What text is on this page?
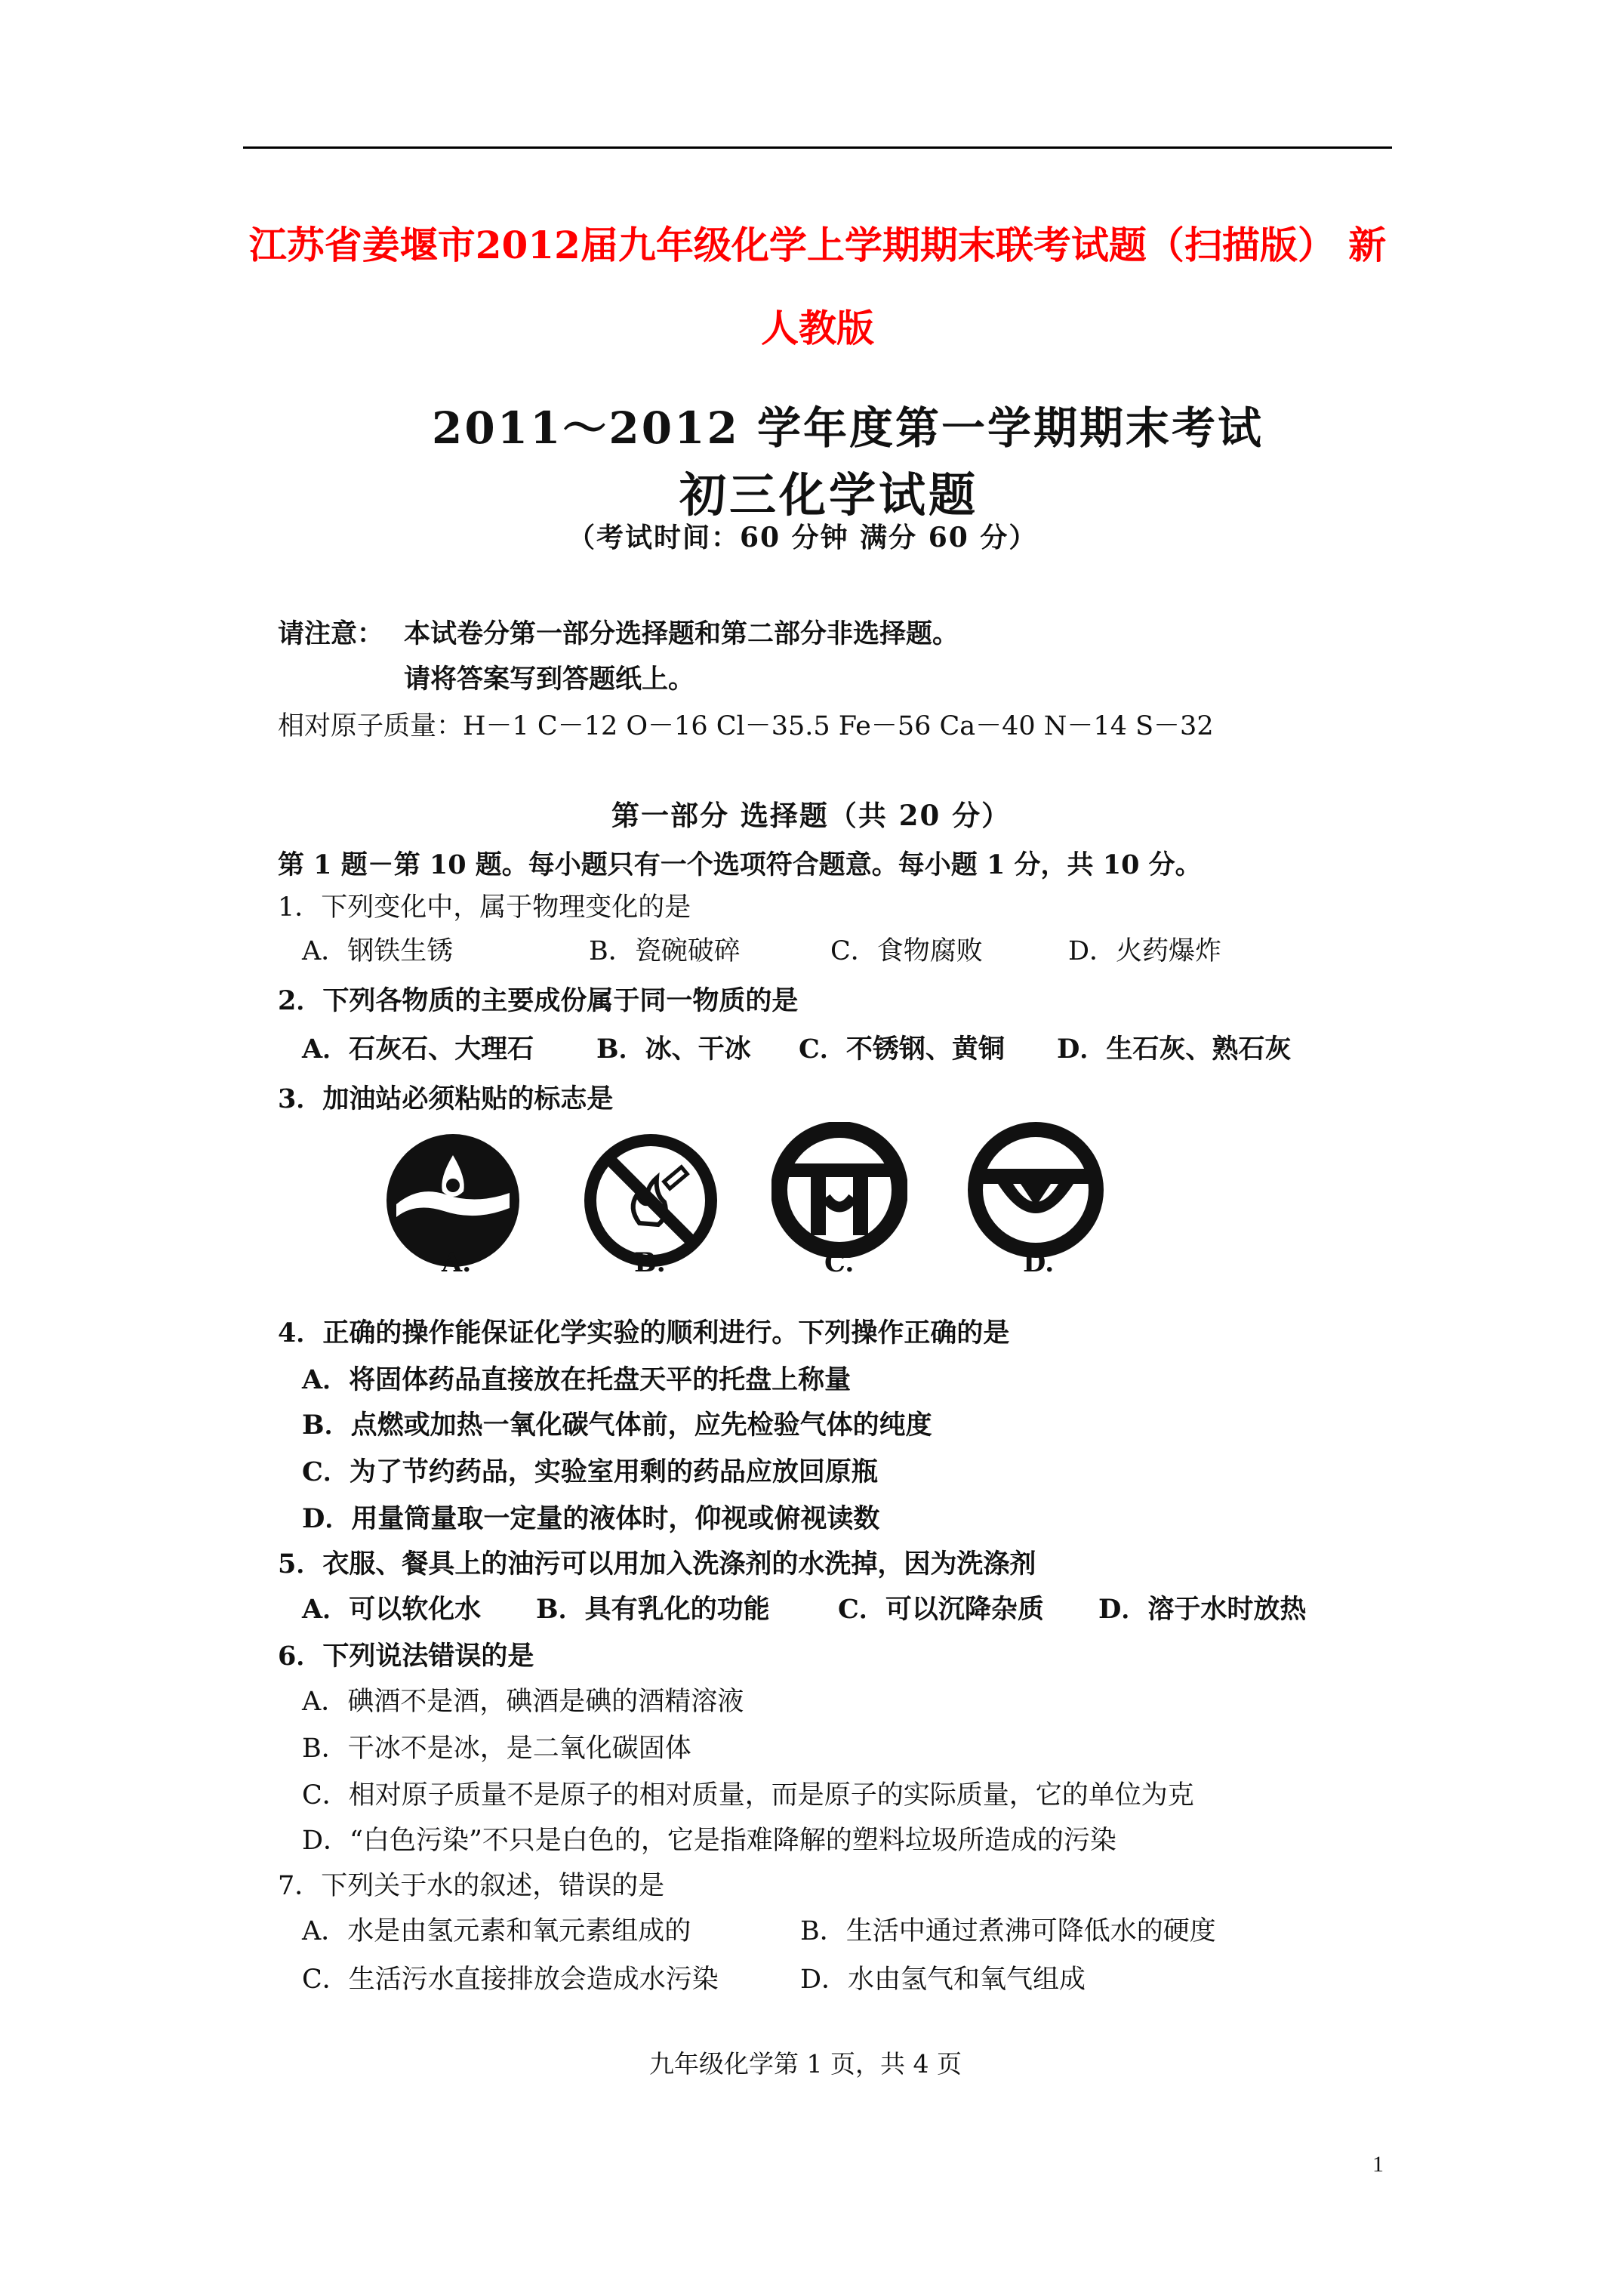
江苏省姜堰市2012届九年级化学上学期期末联考试题（扫描版） 新
人教版
2011～2012 学年度第一学期期末考试
初三化学试题
（考试时间：60 分钟 满分 60 分）
请注意： 本试卷分第一部分选择题和第二部分非选择题。
请将答案写到答题纸上。
相对原子质量：H－1 C－12 O－16 Cl－35.5 Fe－56 Ca－40 N－14 S－32
第一部分 选择题（共 20 分）
第 1 题－第 10 题。每小题只有一个选项符合题意。每小题 1 分，共 10 分。
1．下列变化中，属于物理变化的是
A．钢铁生锈	B．瓷碗破碎	C．食物腐败	D．火药爆炸
2．下列各物质的主要成份属于同一物质的是
A．石灰石、大理石 B．冰、干冰 C．不锈钢、黄铜 D．生石灰、熟石灰
3．加油站必须粘贴的标志是
A.	B.	C.	D.
4．正确的操作能保证化学实验的顺利进行。下列操作正确的是
A．将固体药品直接放在托盘天平的托盘上称量
B．点燃或加热一氧化碳气体前，应先检验气体的纯度
C．为了节约药品，实验室用剩的药品应放回原瓶
D．用量筒量取一定量的液体时，仰视或俯视读数
5．衣服、餐具上的油污可以用加入洗涤剂的水洗掉，因为洗涤剂
A．可以软化水 B．具有乳化的功能	C．可以沉降杂质 D．溶于水时放热
6．下列说法错误的是
A．碘酒不是酒，碘酒是碘的酒精溶液
B．干冰不是冰，是二氧化碳固体
C．相对原子质量不是原子的相对质量，而是原子的实际质量，它的单位为克
D．“白色污染”不只是白色的，它是指难降解的塑料垃圾所造成的污染
7．下列关于水的叙述，错误的是
A．水是由氢元素和氧元素组成的	B．生活中通过煮沸可降低水的硬度
C．生活污水直接排放会造成水污染	D．水由氢气和氧气组成
九年级化学第 1 页，共 4 页
1
